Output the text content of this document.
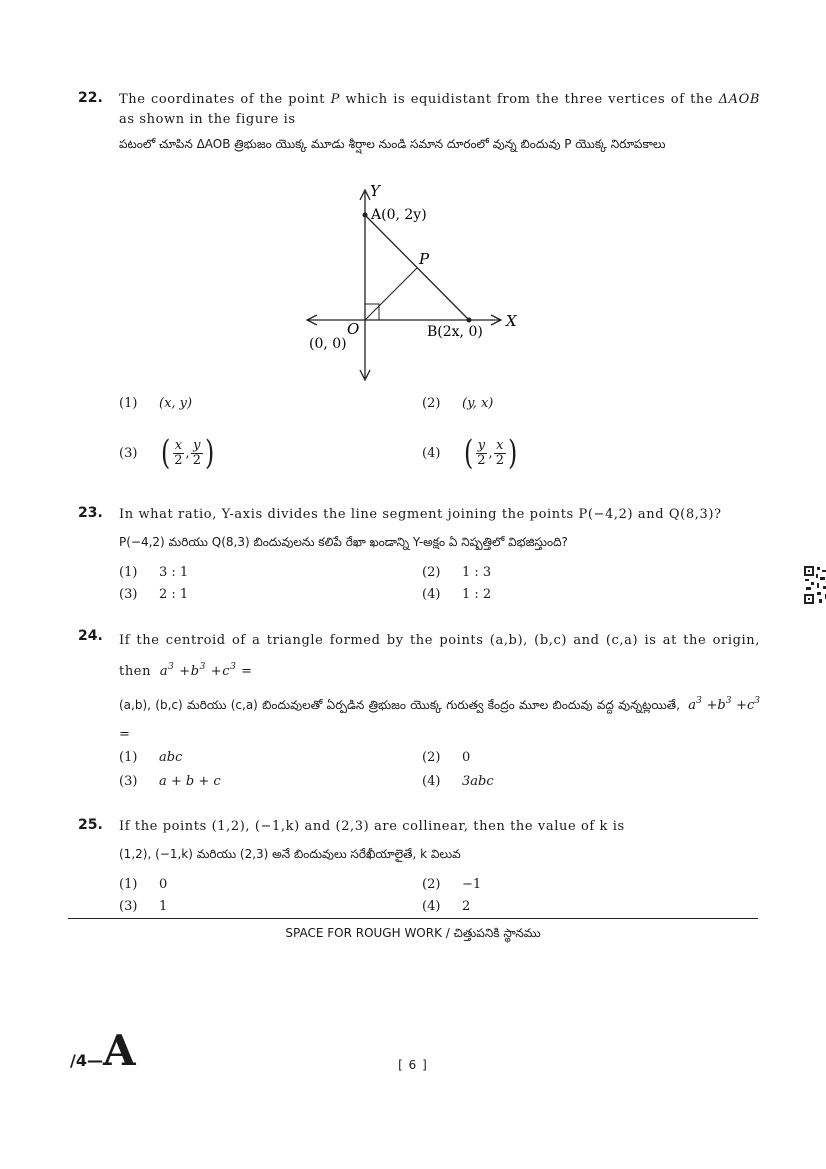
22. The coordinates of the point P which is equidistant from the three vertices of the ΔAOB as shown in the figure is
పటంలో చూపిన ΔAOB త్రిభుజం యొక్క మూడు శీర్షాల నుండి సమాన దూరంలో వున్న బిందువు P యొక్క నిరూపకాలు
Y
A(0, 2y)
P
O
(0, 0)
B(2x, 0)
X
(1)	(x, y)	(2)	(y, x)
(3) ( $\frac{x}{2}$ , $\frac{y}{2}$ )	(4) ( $\frac{y}{2}$ , $\frac{x}{2}$ )
23. In what ratio, Y-axis divides the line segment joining the points P(−4,2) and Q(8,3)?
P(−4,2) మరియు Q(8,3) బిందువులను కలిపే రేఖా ఖండాన్ని Y-అక్షం ఏ నిష్పత్తిలో విభజిస్తుంది?
(1)	3 : 1	(2)	1 : 3
(3)	2 : 1	(4)	1 : 2
24. If the centroid of a triangle formed by the points (a,b), (b,c) and (c,a) is at the origin, then $a^3 +b^3 +c^3$ =
(a,b), (b,c) మరియు (c,a) బిందువులతో ఏర్పడిన త్రిభుజం యొక్క గురుత్వ కేంద్రం మూల బిందువు వద్ద వున్నట్లయితే, $a^3 +b^3 +c^3$ =
(1)	abc	(2)	0
(3)	a + b + c	(4)	3abc
25. If the points (1,2), (−1,k) and (2,3) are collinear, then the value of k is
(1,2), (−1,k) మరియు (2,3) అనే బిందువులు సరేఖీయాలైతే, k విలువ
(1)	0	(2)	−1
(3)	1	(4)	2
SPACE FOR ROUGH WORK / చిత్తుపనికి స్థానము
/4— A	[ 6 ]
